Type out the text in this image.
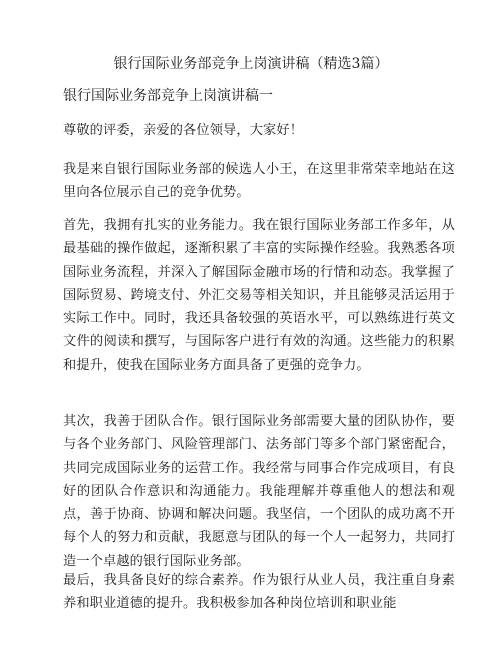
银行国际业务部竞争上岗演讲稿（精选3篇）
银行国际业务部竞争上岗演讲稿一

尊敬的评委，亲爱的各位领导，大家好！

我是来自银行国际业务部的候选人小王，在这里非常荣幸地站在这里向各位展示自己的竞争优势。

首先，我拥有扎实的业务能力。我在银行国际业务部工作多年，从最基础的操作做起，逐渐积累了丰富的实际操作经验。我熟悉各项国际业务流程，并深入了解国际金融市场的行情和动态。我掌握了国际贸易、跨境支付、外汇交易等相关知识，并且能够灵活运用于实际工作中。同时，我还具备较强的英语水平，可以熟练进行英文文件的阅读和撰写，与国际客户进行有效的沟通。这些能力的积累和提升，使我在国际业务方面具备了更强的竞争力。

其次，我善于团队合作。银行国际业务部需要大量的团队协作，要与各个业务部门、风险管理部门、法务部门等多个部门紧密配合，共同完成国际业务的运营工作。我经常与同事合作完成项目，有良好的团队合作意识和沟通能力。我能理解并尊重他人的想法和观点，善于协商、协调和解决问题。我坚信，一个团队的成功离不开每个人的努力和贡献，我愿意与团队的每一个人一起努力，共同打造一个卓越的银行国际业务部。

最后，我具备良好的综合素养。作为银行从业人员，我注重自身素养和职业道德的提升。我积极参加各种岗位培训和职业能
